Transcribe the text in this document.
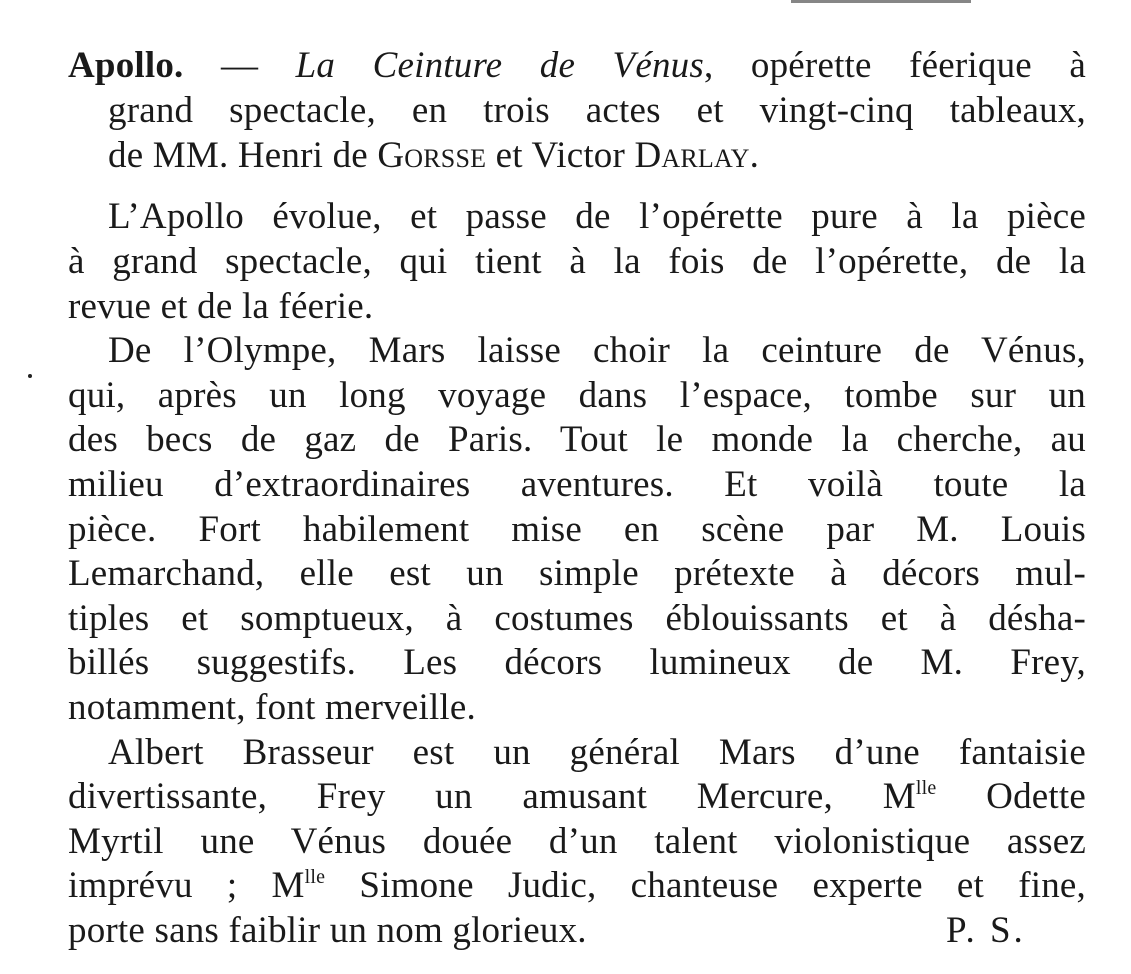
Apollo. — La Ceinture de Vénus, opérette féerique à
grand spectacle, en trois actes et vingt-cinq tableaux,
de MM. Henri de Gorsse et Victor Darlay.
L’Apollo évolue, et passe de l’opérette pure à la pièce
à grand spectacle, qui tient à la fois de l’opérette, de la
revue et de la féerie.
De l’Olympe, Mars laisse choir la ceinture de Vénus,
qui, après un long voyage dans l’espace, tombe sur un
des becs de gaz de Paris. Tout le monde la cherche, au
milieu d’extraordinaires aventures. Et voilà toute la
pièce. Fort habilement mise en scène par M. Louis
Lemarchand, elle est un simple prétexte à décors mul-
tiples et somptueux, à costumes éblouissants et à désha-
billés suggestifs. Les décors lumineux de M. Frey,
notamment, font merveille.
Albert Brasseur est un général Mars d’une fantaisie
divertissante, Frey un amusant Mercure, $M^{lle}$ Odette
Myrtil une Vénus douée d’un talent violonistique assez
imprévu ; $M^{lle}$ Simone Judic, chanteuse experte et fine,
porte sans faiblir un nom glorieux.	P. S.
